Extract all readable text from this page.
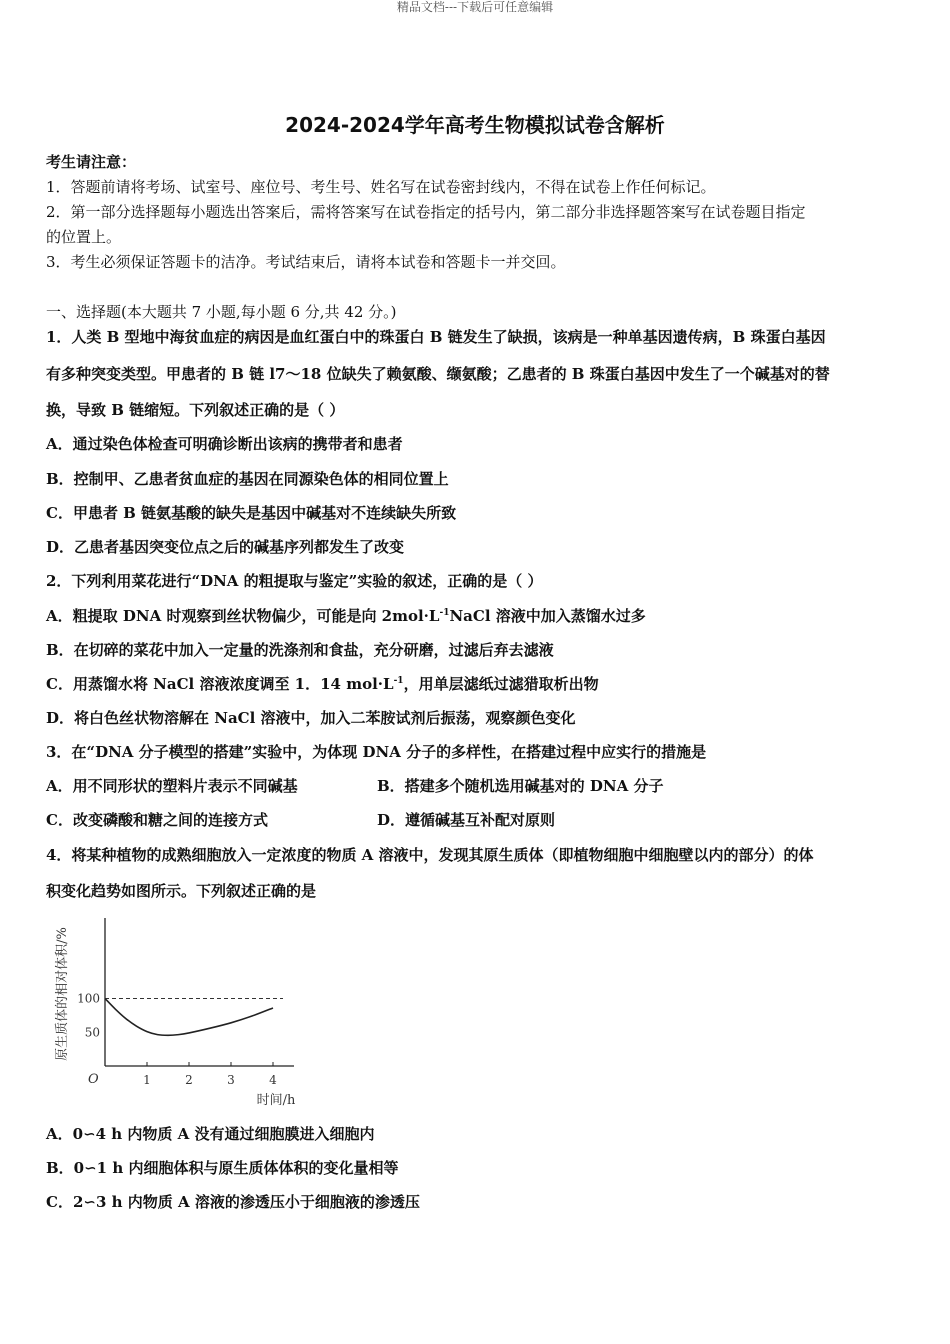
精品文档---下载后可任意编辑
2024-2024学年高考生物模拟试卷含解析
考生请注意：
1．答题前请将考场、试室号、座位号、考生号、姓名写在试卷密封线内，不得在试卷上作任何标记。
2．第一部分选择题每小题选出答案后，需将答案写在试卷指定的括号内，第二部分非选择题答案写在试卷题目指定
的位置上。
3．考生必须保证答题卡的洁净。考试结束后，请将本试卷和答题卡一并交回。
一、选择题(本大题共 7 小题,每小题 6 分,共 42 分。)
1．人类 B 型地中海贫血症的病因是血红蛋白中的珠蛋白 B 链发生了缺损，该病是一种单基因遗传病，B 珠蛋白基因
有多种突变类型。甲患者的 B 链 l7～18 位缺失了赖氨酸、缬氨酸；乙患者的 B 珠蛋白基因中发生了一个碱基对的替
换，导致 B 链缩短。下列叙述正确的是（ ）
A．通过染色体检查可明确诊断出该病的携带者和患者
B．控制甲、乙患者贫血症的基因在同源染色体的相同位置上
C．甲患者 B 链氨基酸的缺失是基因中碱基对不连续缺失所致
D．乙患者基因突变位点之后的碱基序列都发生了改变
2．下列利用菜花进行“DNA 的粗提取与鉴定”实验的叙述，正确的是（ ）
A．粗提取 DNA 时观察到丝状物偏少，可能是向 $2mol\cdot L^{-1}NaCl$ 溶液中加入蒸馏水过多
B．在切碎的菜花中加入一定量的洗涤剂和食盐，充分研磨，过滤后弃去滤液
C．用蒸馏水将 NaCl 溶液浓度调至 1．14 $mol\cdot L^{-1}$，用单层滤纸过滤猎取析出物
D．将白色丝状物溶解在 NaCl 溶液中，加入二苯胺试剂后振荡，观察颜色变化
3．在“DNA 分子模型的搭建”实验中，为体现 DNA 分子的多样性，在搭建过程中应实行的措施是
A．用不同形状的塑料片表示不同碱基	B．搭建多个随机选用碱基对的 DNA 分子
C．改变磷酸和糖之间的连接方式	D．遵循碱基互补配对原则
4．将某种植物的成熟细胞放入一定浓度的物质 A 溶液中，发现其原生质体（即植物细胞中细胞壁以内的部分）的体
积变化趋势如图所示。下列叙述正确的是
原生质体的相对体积/%
O	1	2	3	4
50
100
时间/h
A．0∽4 h 内物质 A 没有通过细胞膜进入细胞内
B．0∽1 h 内细胞体积与原生质体体积的变化量相等
C．2∽3 h 内物质 A 溶液的渗透压小于细胞液的渗透压
